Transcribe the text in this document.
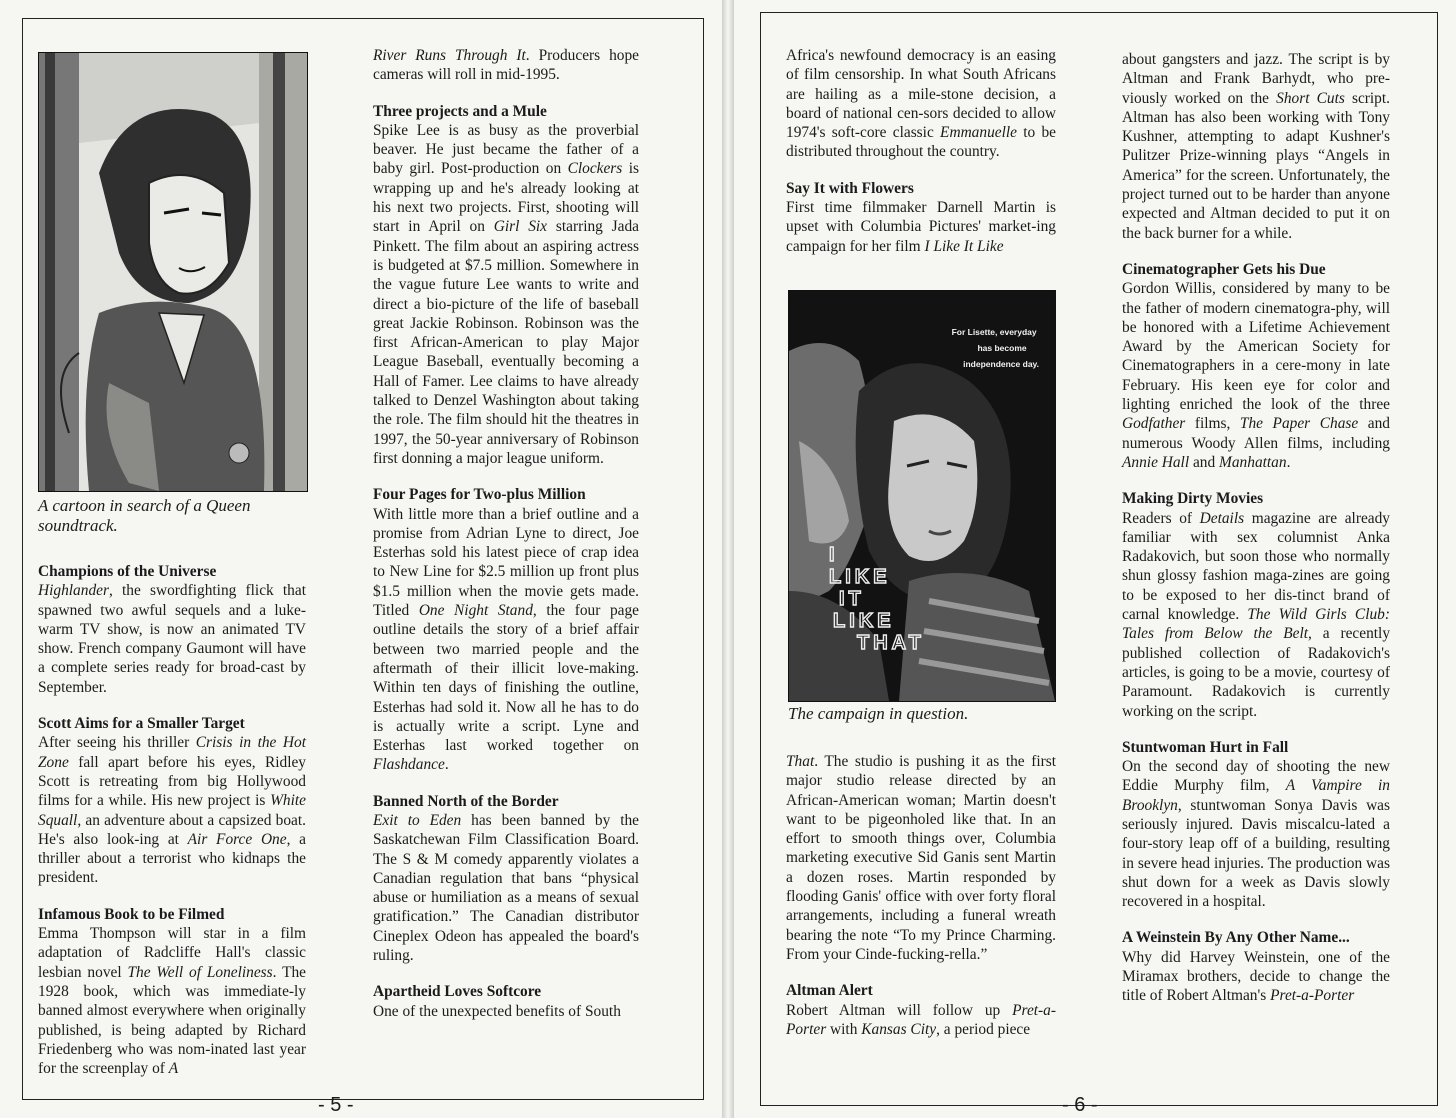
A cartoon in search of a Queen soundtrack.
Champions of the Universe

Highlander, the swordfighting flick that spawned two awful sequels and a luke-warm TV show, is now an animated TV show. French company Gaumont will have a complete series ready for broad-cast by September.

Scott Aims for a Smaller Target

After seeing his thriller Crisis in the Hot Zone fall apart before his eyes, Ridley Scott is retreating from big Hollywood films for a while. His new project is White Squall, an adventure about a capsized boat. He's also look-ing at Air Force One, a thriller about a terrorist who kidnaps the president.

Infamous Book to be Filmed

Emma Thompson will star in a film adaptation of Radcliffe Hall's classic lesbian novel The Well of Loneliness. The 1928 book, which was immediate-ly banned almost everywhere when originally published, is being adapted by Richard Friedenberg who was nom-inated last year for the screenplay of A

River Runs Through It. Producers hope cameras will roll in mid-1995.

Three projects and a Mule

Spike Lee is as busy as the proverbial beaver. He just became the father of a baby girl. Post-production on Clockers is wrapping up and he's already looking at his next two projects. First, shooting will start in April on Girl Six starring Jada Pinkett. The film about an aspiring actress is budgeted at $7.5 million. Somewhere in the vague future Lee wants to write and direct a bio-picture of the life of baseball great Jackie Robinson. Robinson was the first African-American to play Major League Baseball, eventually becoming a Hall of Famer. Lee claims to have already talked to Denzel Washington about taking the role. The film should hit the theatres in 1997, the 50-year anniversary of Robinson first donning a major league uniform.

Four Pages for Two-plus Million

With little more than a brief outline and a promise from Adrian Lyne to direct, Joe Esterhas sold his latest piece of crap idea to New Line for $2.5 million up front plus $1.5 million when the movie gets made. Titled One Night Stand, the four page outline details the story of a brief affair between two married people and the aftermath of their illicit love-making. Within ten days of finishing the outline, Esterhas had sold it. Now all he has to do is actually write a script. Lyne and Esterhas last worked together on Flashdance.

Banned North of the Border

Exit to Eden has been banned by the Saskatchewan Film Classification Board. The S & M comedy apparently violates a Canadian regulation that bans “physical abuse or humiliation as a means of sexual gratification.” The Canadian distributor Cineplex Odeon has appealed the board's ruling.

Apartheid Loves Softcore

One of the unexpected benefits of South

- 5 -

Africa's newfound democracy is an easing of film censorship. In what South Africans are hailing as a mile-stone decision, a board of national cen-sors decided to allow 1974's soft-core classic Emmanuelle to be distributed throughout the country.

Say It with Flowers

First time filmmaker Darnell Martin is upset with Columbia Pictures' market-ing campaign for her film I Like It Like

For Lisette, everyday has become independence day.
I
LIKE
IT
LIKE
THAT
The campaign in question.

That. The studio is pushing it as the first major studio release directed by an African-American woman; Martin doesn't want to be pigeonholed like that. In an effort to smooth things over, Columbia marketing executive Sid Ganis sent Martin a dozen roses. Martin responded by flooding Ganis' office with over forty floral arrangements, including a funeral wreath bearing the note “To my Prince Charming. From your Cinde-fucking-rella.”

Altman Alert

Robert Altman will follow up Pret-a-Porter with Kansas City, a period piece

about gangsters and jazz. The script is by Altman and Frank Barhydt, who pre-viously worked on the Short Cuts script. Altman has also been working with Tony Kushner, attempting to adapt Kushner's Pulitzer Prize-winning plays “Angels in America” for the screen. Unfortunately, the project turned out to be harder than anyone expected and Altman decided to put it on the back burner for a while.

Cinematographer Gets his Due

Gordon Willis, considered by many to be the father of modern cinematogra-phy, will be honored with a Lifetime Achievement Award by the American Society for Cinematographers in a cere-mony in late February. His keen eye for color and lighting enriched the look of the three Godfather films, The Paper Chase and numerous Woody Allen films, including Annie Hall and Manhattan.

Making Dirty Movies

Readers of Details magazine are already familiar with sex columnist Anka Radakovich, but soon those who normally shun glossy fashion maga-zines are going to be exposed to her dis-tinct brand of carnal knowledge. The Wild Girls Club: Tales from Below the Belt, a recently published collection of Radakovich's articles, is going to be a movie, courtesy of Paramount. Radakovich is currently working on the script.

Stuntwoman Hurt in Fall

On the second day of shooting the new Eddie Murphy film, A Vampire in Brooklyn, stuntwoman Sonya Davis was seriously injured. Davis miscalcu-lated a four-story leap off of a building, resulting in severe head injuries. The production was shut down for a week as Davis slowly recovered in a hospital.

A Weinstein By Any Other Name...

Why did Harvey Weinstein, one of the Miramax brothers, decide to change the title of Robert Altman's Pret-a-Porter

- 6 -
